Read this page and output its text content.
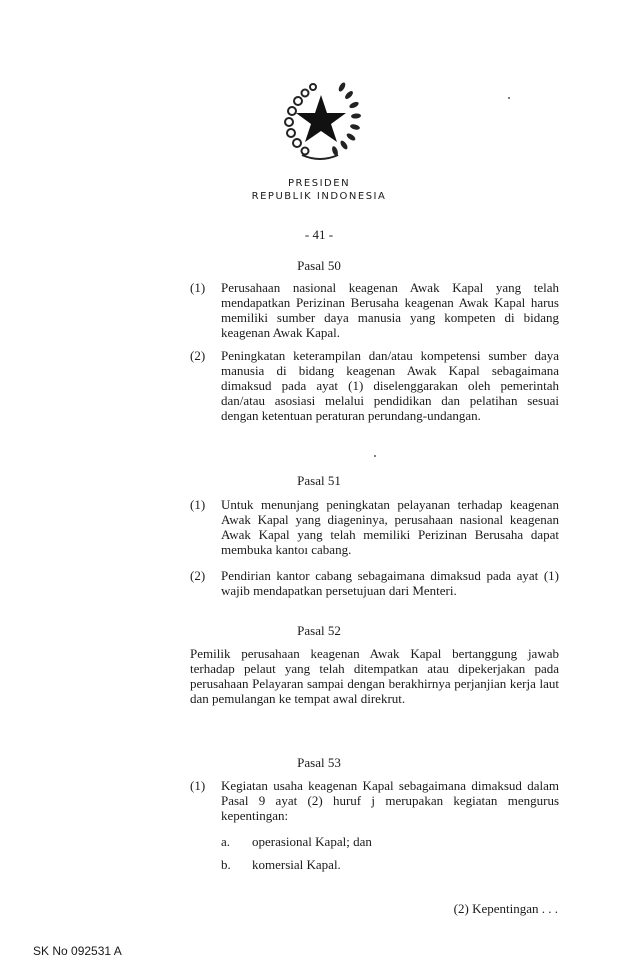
PRESIDEN
REPUBLIK INDONESIA
- 41 -
Pasal 50
(1) Perusahaan nasional keagenan Awak Kapal yang telah mendapatkan Perizinan Berusaha keagenan Awak Kapal harus memiliki sumber daya manusia yang kompeten di bidang keagenan Awak Kapal.
(2) Peningkatan keterampilan dan/atau kompetensi sumber daya manusia di bidang keagenan Awak Kapal sebagaimana dimaksud pada ayat (1) diselenggarakan oleh pemerintah dan/atau asosiasi melalui pendidikan dan pelatihan sesuai dengan ketentuan peraturan perundang-undangan.
Pasal 51
(1) Untuk menunjang peningkatan pelayanan terhadap keagenan Awak Kapal yang diageninya, perusahaan nasional keagenan Awak Kapal yang telah memiliki Perizinan Berusaha dapat membuka kantoı cabang.
(2) Pendirian kantor cabang sebagaimana dimaksud pada ayat (1) wajib mendapatkan persetujuan dari Menteri.
Pasal 52
Pemilik perusahaan keagenan Awak Kapal bertanggung jawab terhadap pelaut yang telah ditempatkan atau dipekerjakan pada perusahaan Pelayaran sampai dengan berakhirnya perjanjian kerja laut dan pemulangan ke tempat awal direkrut.
Pasal 53
(1) Kegiatan usaha keagenan Kapal sebagaimana dimaksud dalam Pasal 9 ayat (2) huruf j merupakan kegiatan mengurus kepentingan:
a. operasional Kapal; dan
b. komersial Kapal.
(2) Kepentingan . . .
SK No 092531 A
